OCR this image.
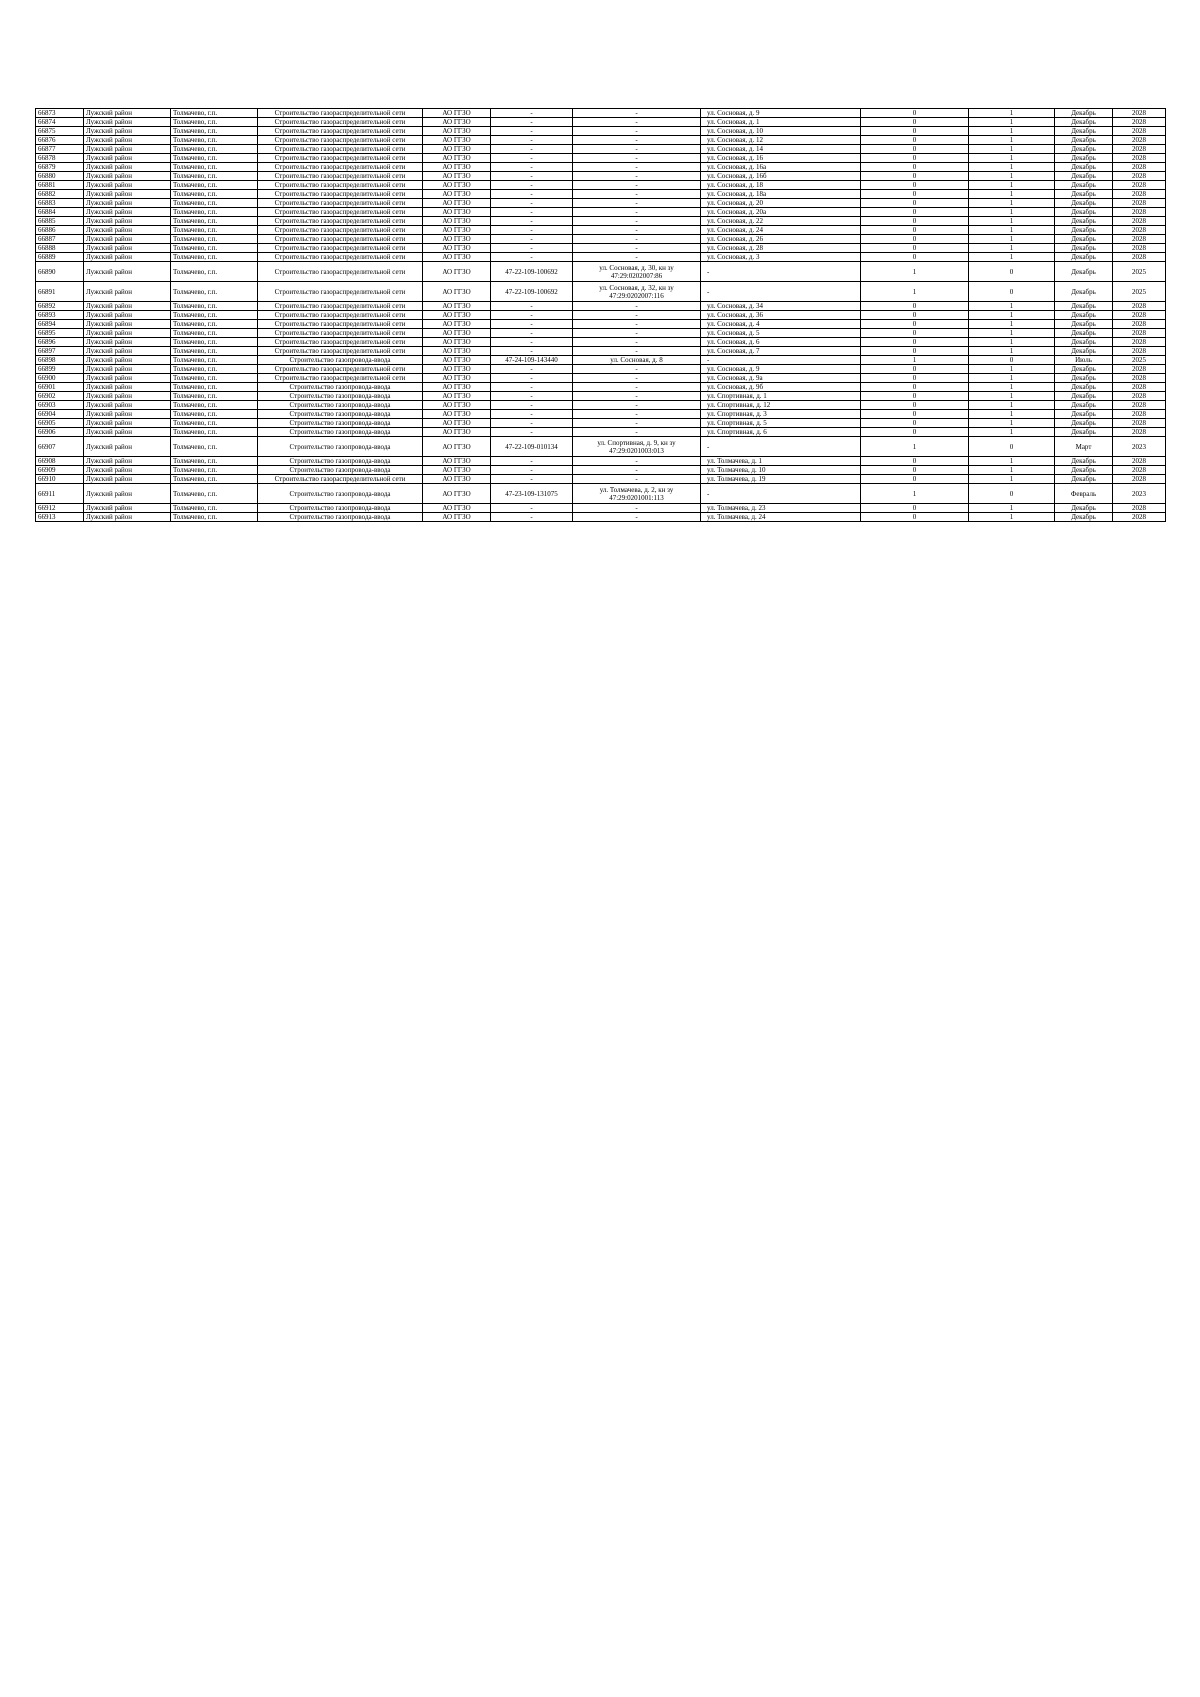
66873	Лужский район	Толмачево, г.п.	Строительство газораспределительной сети	АО ГГЗО	-	-	ул. Сосновая, д. 9	0	1	Декабрь	2028
66874	Лужский район	Толмачево, г.п.	Строительство газораспределительной сети	АО ГГЗО	-	-	ул. Сосновая, д. 1	0	1	Декабрь	2028
66875	Лужский район	Толмачево, г.п.	Строительство газораспределительной сети	АО ГГЗО	-	-	ул. Сосновая, д. 10	0	1	Декабрь	2028
66876	Лужский район	Толмачево, г.п.	Строительство газораспределительной сети	АО ГГЗО	-	-	ул. Сосновая, д. 12	0	1	Декабрь	2028
66877	Лужский район	Толмачево, г.п.	Строительство газораспределительной сети	АО ГГЗО	-	-	ул. Сосновая, д. 14	0	1	Декабрь	2028
66878	Лужский район	Толмачево, г.п.	Строительство газораспределительной сети	АО ГГЗО	-	-	ул. Сосновая, д. 16	0	1	Декабрь	2028
66879	Лужский район	Толмачево, г.п.	Строительство газораспределительной сети	АО ГГЗО	-	-	ул. Сосновая, д. 16а	0	1	Декабрь	2028
66880	Лужский район	Толмачево, г.п.	Строительство газораспределительной сети	АО ГГЗО	-	-	ул. Сосновая, д. 16б	0	1	Декабрь	2028
66881	Лужский район	Толмачево, г.п.	Строительство газораспределительной сети	АО ГГЗО	-	-	ул. Сосновая, д. 18	0	1	Декабрь	2028
66882	Лужский район	Толмачево, г.п.	Строительство газораспределительной сети	АО ГГЗО	-	-	ул. Сосновая, д. 18а	0	1	Декабрь	2028
66883	Лужский район	Толмачево, г.п.	Строительство газораспределительной сети	АО ГГЗО	-	-	ул. Сосновая, д. 20	0	1	Декабрь	2028
66884	Лужский район	Толмачево, г.п.	Строительство газораспределительной сети	АО ГГЗО	-	-	ул. Сосновая, д. 20а	0	1	Декабрь	2028
66885	Лужский район	Толмачево, г.п.	Строительство газораспределительной сети	АО ГГЗО	-	-	ул. Сосновая, д. 22	0	1	Декабрь	2028
66886	Лужский район	Толмачево, г.п.	Строительство газораспределительной сети	АО ГГЗО	-	-	ул. Сосновая, д. 24	0	1	Декабрь	2028
66887	Лужский район	Толмачево, г.п.	Строительство газораспределительной сети	АО ГГЗО	-	-	ул. Сосновая, д. 26	0	1	Декабрь	2028
66888	Лужский район	Толмачево, г.п.	Строительство газораспределительной сети	АО ГГЗО	-	-	ул. Сосновая, д. 28	0	1	Декабрь	2028
66889	Лужский район	Толмачево, г.п.	Строительство газораспределительной сети	АО ГГЗО	-	-	ул. Сосновая, д. 3	0	1	Декабрь	2028
66890	Лужский район	Толмачево, г.п.	Строительство газораспределительной сети	АО ГГЗО	47-22-109-100692	ул. Сосновая, д. 30, кн зу 47:29:0202007:86	-	1	0	Декабрь	2025
66891	Лужский район	Толмачево, г.п.	Строительство газораспределительной сети	АО ГГЗО	47-22-109-100692	ул. Сосновая, д. 32, кн зу 47:29:0202007:116	-	1	0	Декабрь	2025
66892	Лужский район	Толмачево, г.п.	Строительство газораспределительной сети	АО ГГЗО	-	-	ул. Сосновая, д. 34	0	1	Декабрь	2028
66893	Лужский район	Толмачево, г.п.	Строительство газораспределительной сети	АО ГГЗО	-	-	ул. Сосновая, д. 36	0	1	Декабрь	2028
66894	Лужский район	Толмачево, г.п.	Строительство газораспределительной сети	АО ГГЗО	-	-	ул. Сосновая, д. 4	0	1	Декабрь	2028
66895	Лужский район	Толмачево, г.п.	Строительство газораспределительной сети	АО ГГЗО	-	-	ул. Сосновая, д. 5	0	1	Декабрь	2028
66896	Лужский район	Толмачево, г.п.	Строительство газораспределительной сети	АО ГГЗО	-	-	ул. Сосновая, д. 6	0	1	Декабрь	2028
66897	Лужский район	Толмачево, г.п.	Строительство газораспределительной сети	АО ГГЗО	-	-	ул. Сосновая, д. 7	0	1	Декабрь	2028
66898	Лужский район	Толмачево, г.п.	Строительство газопровода-ввода	АО ГГЗО	47-24-109-143440	ул. Сосновая, д. 8	-	1	0	Июль	2025
66899	Лужский район	Толмачево, г.п.	Строительство газораспределительной сети	АО ГГЗО	-	-	ул. Сосновая, д. 9	0	1	Декабрь	2028
66900	Лужский район	Толмачево, г.п.	Строительство газораспределительной сети	АО ГГЗО	-	-	ул. Сосновая, д. 9а	0	1	Декабрь	2028
66901	Лужский район	Толмачево, г.п.	Строительство газопровода-ввода	АО ГГЗО	-	-	ул. Сосновая, д. 9б	0	1	Декабрь	2028
66902	Лужский район	Толмачево, г.п.	Строительство газопровода-ввода	АО ГГЗО	-	-	ул. Спортивная, д. 1	0	1	Декабрь	2028
66903	Лужский район	Толмачево, г.п.	Строительство газопровода-ввода	АО ГГЗО	-	-	ул. Спортивная, д. 12	0	1	Декабрь	2028
66904	Лужский район	Толмачево, г.п.	Строительство газопровода-ввода	АО ГГЗО	-	-	ул. Спортивная, д. 3	0	1	Декабрь	2028
66905	Лужский район	Толмачево, г.п.	Строительство газопровода-ввода	АО ГГЗО	-	-	ул. Спортивная, д. 5	0	1	Декабрь	2028
66906	Лужский район	Толмачево, г.п.	Строительство газопровода-ввода	АО ГГЗО	-	-	ул. Спортивная, д. 6	0	1	Декабрь	2028
66907	Лужский район	Толмачево, г.п.	Строительство газопровода-ввода	АО ГГЗО	47-22-109-010134	ул. Спортивная, д. 9, кн зу 47:29:0201003:013	-	1	0	Март	2023
66908	Лужский район	Толмачево, г.п.	Строительство газопровода-ввода	АО ГГЗО	-	-	ул. Толмачева, д. 1	0	1	Декабрь	2028
66909	Лужский район	Толмачево, г.п.	Строительство газопровода-ввода	АО ГГЗО	-	-	ул. Толмачева, д. 10	0	1	Декабрь	2028
66910	Лужский район	Толмачево, г.п.	Строительство газораспределительной сети	АО ГГЗО	-	-	ул. Толмачева, д. 19	0	1	Декабрь	2028
66911	Лужский район	Толмачево, г.п.	Строительство газопровода-ввода	АО ГГЗО	47-23-109-131075	ул. Толмачева, д. 2, кн зу 47:29:0201001:113	-	1	0	Февраль	2023
66912	Лужский район	Толмачево, г.п.	Строительство газопровода-ввода	АО ГГЗО	-	-	ул. Толмачева, д. 23	0	1	Декабрь	2028
66913	Лужский район	Толмачево, г.п.	Строительство газопровода-ввода	АО ГГЗО	-	-	ул. Толмачева, д. 24	0	1	Декабрь	2028
